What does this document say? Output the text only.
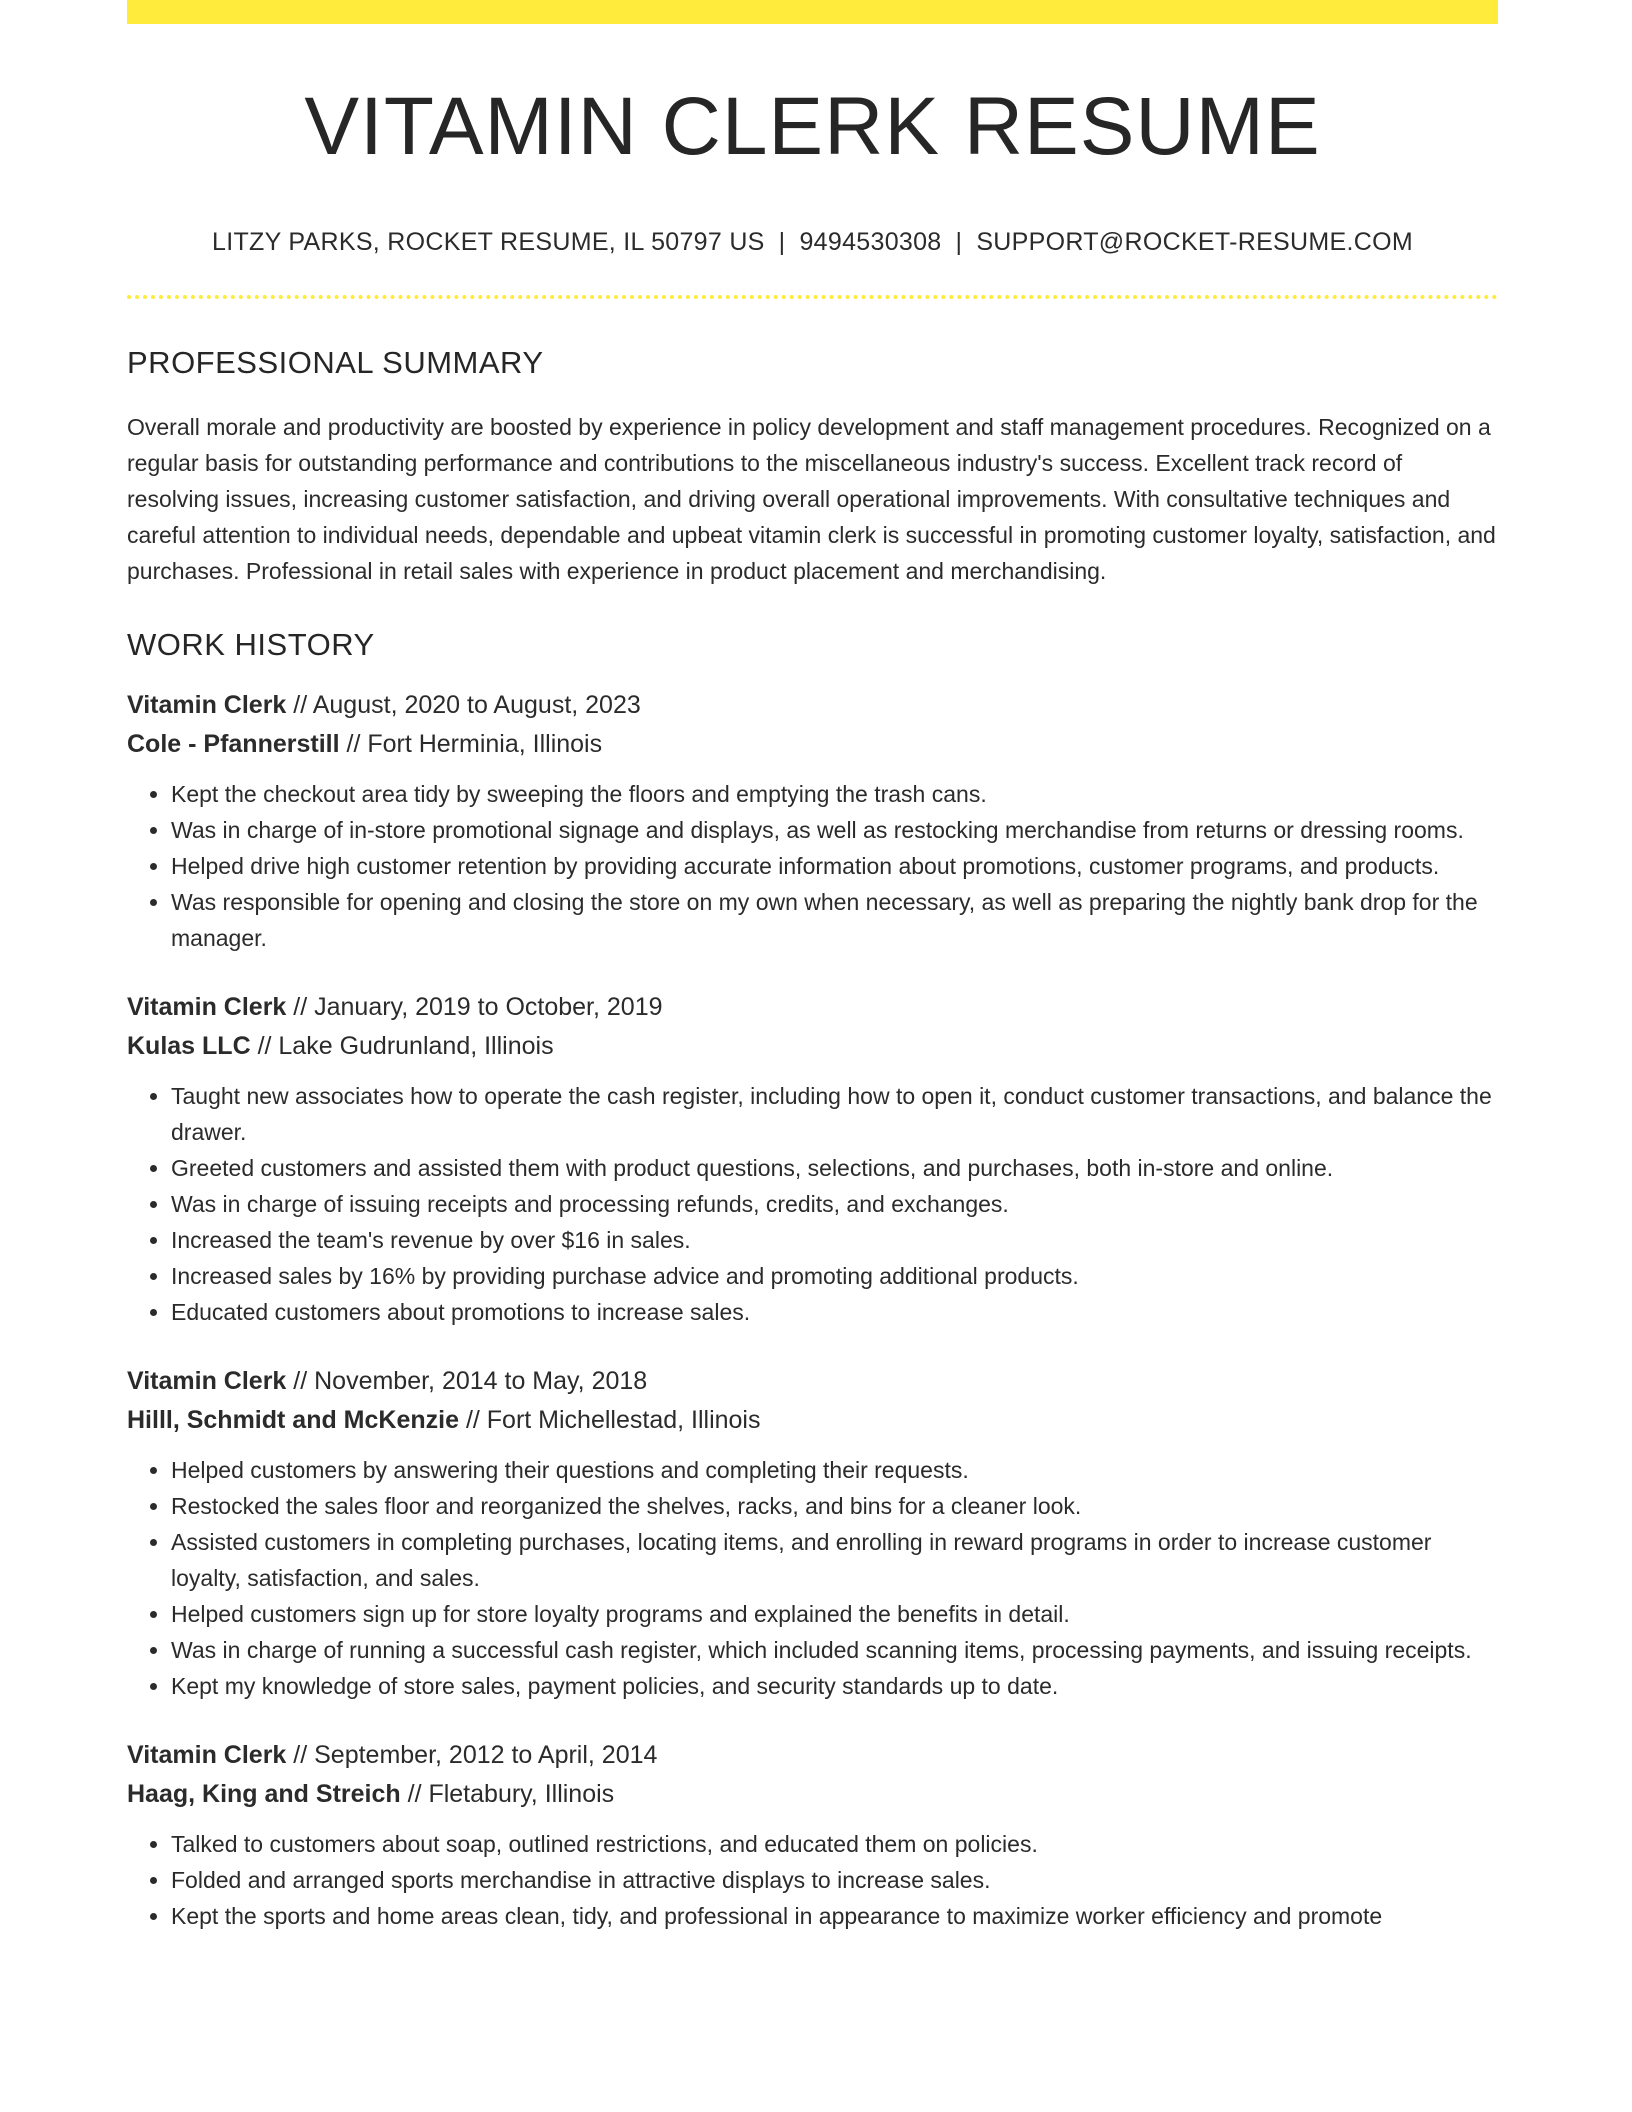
VITAMIN CLERK RESUME
LITZY PARKS, ROCKET RESUME, IL 50797 US | 9494530308 | SUPPORT@ROCKET-RESUME.COM
PROFESSIONAL SUMMARY
Overall morale and productivity are boosted by experience in policy development and staff management procedures. Recognized on a regular basis for outstanding performance and contributions to the miscellaneous industry's success. Excellent track record of resolving issues, increasing customer satisfaction, and driving overall operational improvements. With consultative techniques and careful attention to individual needs, dependable and upbeat vitamin clerk is successful in promoting customer loyalty, satisfaction, and purchases. Professional in retail sales with experience in product placement and merchandising.
WORK HISTORY
Vitamin Clerk // August, 2020 to August, 2023
Cole - Pfannerstill // Fort Herminia, Illinois
• Kept the checkout area tidy by sweeping the floors and emptying the trash cans.
• Was in charge of in-store promotional signage and displays, as well as restocking merchandise from returns or dressing rooms.
• Helped drive high customer retention by providing accurate information about promotions, customer programs, and products.
• Was responsible for opening and closing the store on my own when necessary, as well as preparing the nightly bank drop for the manager.
Vitamin Clerk // January, 2019 to October, 2019
Kulas LLC // Lake Gudrunland, Illinois
• Taught new associates how to operate the cash register, including how to open it, conduct customer transactions, and balance the drawer.
• Greeted customers and assisted them with product questions, selections, and purchases, both in-store and online.
• Was in charge of issuing receipts and processing refunds, credits, and exchanges.
• Increased the team's revenue by over $16 in sales.
• Increased sales by 16% by providing purchase advice and promoting additional products.
• Educated customers about promotions to increase sales.
Vitamin Clerk // November, 2014 to May, 2018
Hilll, Schmidt and McKenzie // Fort Michellestad, Illinois
• Helped customers by answering their questions and completing their requests.
• Restocked the sales floor and reorganized the shelves, racks, and bins for a cleaner look.
• Assisted customers in completing purchases, locating items, and enrolling in reward programs in order to increase customer loyalty, satisfaction, and sales.
• Helped customers sign up for store loyalty programs and explained the benefits in detail.
• Was in charge of running a successful cash register, which included scanning items, processing payments, and issuing receipts.
• Kept my knowledge of store sales, payment policies, and security standards up to date.
Vitamin Clerk // September, 2012 to April, 2014
Haag, King and Streich // Fletabury, Illinois
• Talked to customers about soap, outlined restrictions, and educated them on policies.
• Folded and arranged sports merchandise in attractive displays to increase sales.
• Kept the sports and home areas clean, tidy, and professional in appearance to maximize worker efficiency and promote
